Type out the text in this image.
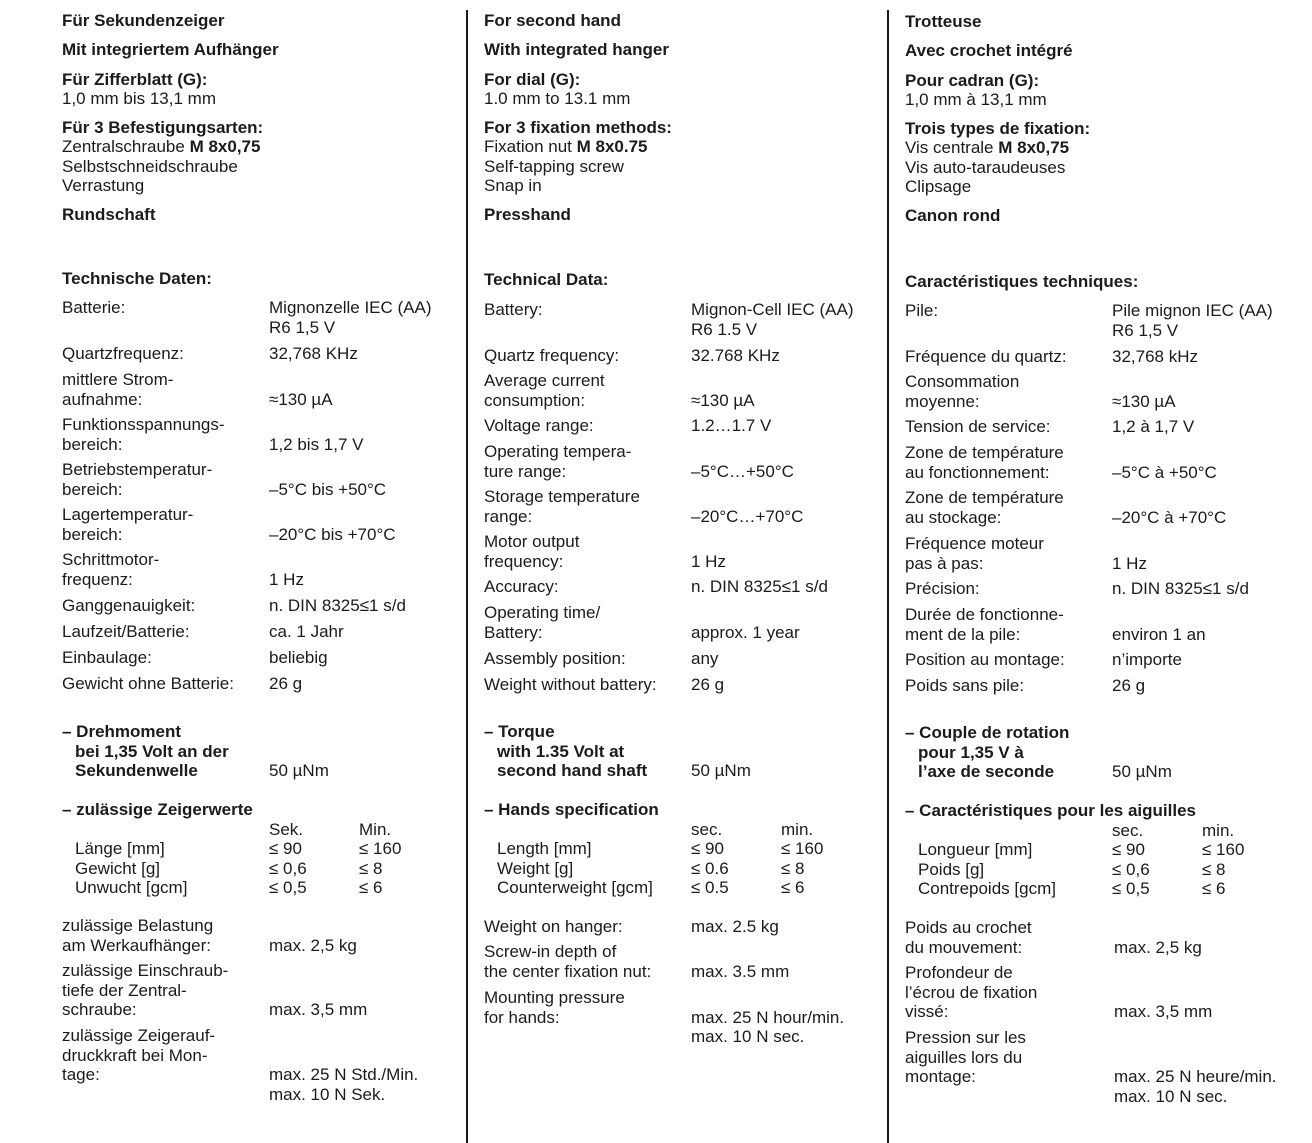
Für Sekundenzeiger
Mit integriertem Aufhänger
Für Zifferblatt (G):
1,0 mm bis 13,1 mm
Für 3 Befestigungsarten:
Zentralschraube M 8x0,75
Selbstschneidschraube
Verrastung
Rundschaft
Technische Daten:
Batterie:	Mignonzelle IEC (AA)
R6 1,5 V
Quartzfrequenz:	32,768 KHz
mittlere Strom-
aufnahme:	≈130 µA
Funktionsspannungs-
bereich:	1,2 bis 1,7 V
Betriebstemperatur-
bereich:	–5°C bis +50°C
Lagertemperatur-
bereich:	–20°C bis +70°C
Schrittmotor-
frequenz:	1 Hz
Ganggenauigkeit:	n. DIN 8325≤1 s/d
Laufzeit/Batterie:	ca. 1 Jahr
Einbaulage:	beliebig
Gewicht ohne Batterie: 26 g
– Drehmoment
bei 1,35 Volt an der
Sekundenwelle	50 µNm
– zulässige Zeigerwerte
Sek.	Min.
Länge [mm]	≤ 90	≤ 160
Gewicht [g]	≤ 0,6	≤ 8
Unwucht [gcm]	≤ 0,5	≤ 6
zulässige Belastung
am Werkaufhänger:	max. 2,5 kg
zulässige Einschraub-
tiefe der Zentral-
schraube:	max. 3,5 mm
zulässige Zeigerauf-
druckkraft bei Mon-
tage:	max. 25 N Std./Min.
max. 10 N Sek.
For second hand
With integrated hanger
For dial (G):
1.0 mm to 13.1 mm
For 3 fixation methods:
Fixation nut M 8x0.75
Self-tapping screw
Snap in
Presshand
Technical Data:
Battery:	Mignon-Cell IEC (AA)
R6 1.5 V
Quartz frequency:	32.768 KHz
Average current
consumption:	≈130 µA
Voltage range:	1.2…1.7 V
Operating tempera-
ture range:	–5°C…+50°C
Storage temperature
range:	–20°C…+70°C
Motor output
frequency:	1 Hz
Accuracy:	n. DIN 8325≤1 s/d
Operating time/
Battery:	approx. 1 year
Assembly position:	any
Weight without battery: 26 g
– Torque
with 1.35 Volt at
second hand shaft	50 µNm
– Hands specification
sec.	min.
Length [mm]	≤ 90	≤ 160
Weight [g]	≤ 0.6	≤ 8
Counterweight [gcm] ≤ 0.5	≤ 6
Weight on hanger:	max. 2.5 kg
Screw-in depth of
the center fixation nut: max. 3.5 mm
Mounting pressure
for hands:	max. 25 N hour/min.
max. 10 N sec.
Trotteuse
Avec crochet intégré
Pour cadran (G):
1,0 mm à 13,1 mm
Trois types de fixation:
Vis centrale M 8x0,75
Vis auto-taraudeuses
Clipsage
Canon rond
Caractéristiques techniques:
Pile:	Pile mignon IEC (AA)
R6 1,5 V
Fréquence du quartz:	32,768 kHz
Consommation
moyenne:	≈130 µA
Tension de service:	1,2 à 1,7 V
Zone de température
au fonctionnement:	–5°C à +50°C
Zone de température
au stockage:	–20°C à +70°C
Fréquence moteur
pas à pas:	1 Hz
Précision:	n. DIN 8325≤1 s/d
Durée de fonctionne-
ment de la pile:	environ 1 an
Position au montage:	n’importe
Poids sans pile:	26 g
– Couple de rotation
pour 1,35 V à
l’axe de seconde	50 µNm
– Caractéristiques pour les aiguilles
sec.	min.
Longueur [mm]	≤ 90	≤ 160
Poids [g]	≤ 0,6	≤ 8
Contrepoids [gcm]	≤ 0,5	≤ 6
Poids au crochet
du mouvement:	max. 2,5 kg
Profondeur de
l’écrou de fixation
vissé:	max. 3,5 mm
Pression sur les
aiguilles lors du
montage:	max. 25 N heure/min.
max. 10 N sec.
